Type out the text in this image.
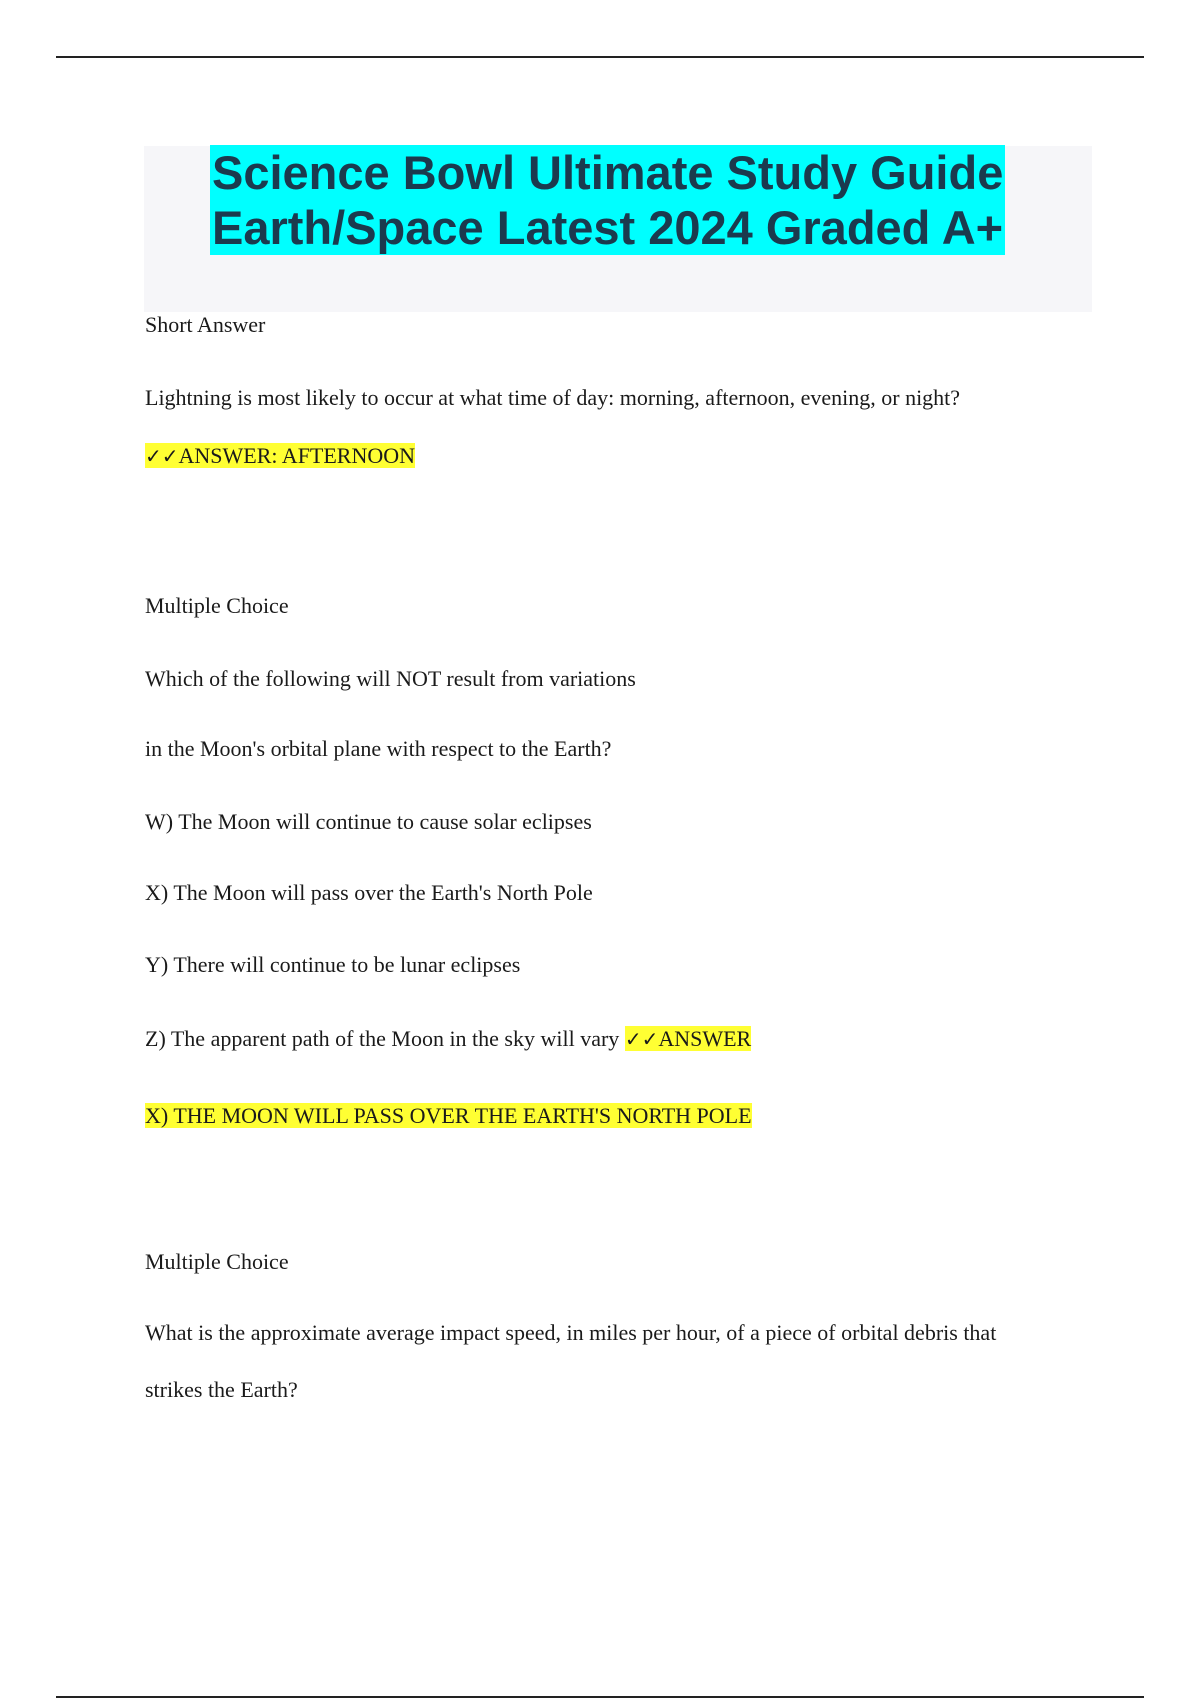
Science Bowl Ultimate Study Guide
Earth/Space Latest 2024 Graded A+

Short Answer

Lightning is most likely to occur at what time of day: morning, afternoon, evening, or night?

✓✓ANSWER: AFTERNOON

Multiple Choice

Which of the following will NOT result from variations

in the Moon's orbital plane with respect to the Earth?

W) The Moon will continue to cause solar eclipses

X) The Moon will pass over the Earth's North Pole

Y) There will continue to be lunar eclipses

Z) The apparent path of the Moon in the sky will vary ✓✓ANSWER

X) THE MOON WILL PASS OVER THE EARTH'S NORTH POLE

Multiple Choice

What is the approximate average impact speed, in miles per hour, of a piece of orbital debris that

strikes the Earth?
